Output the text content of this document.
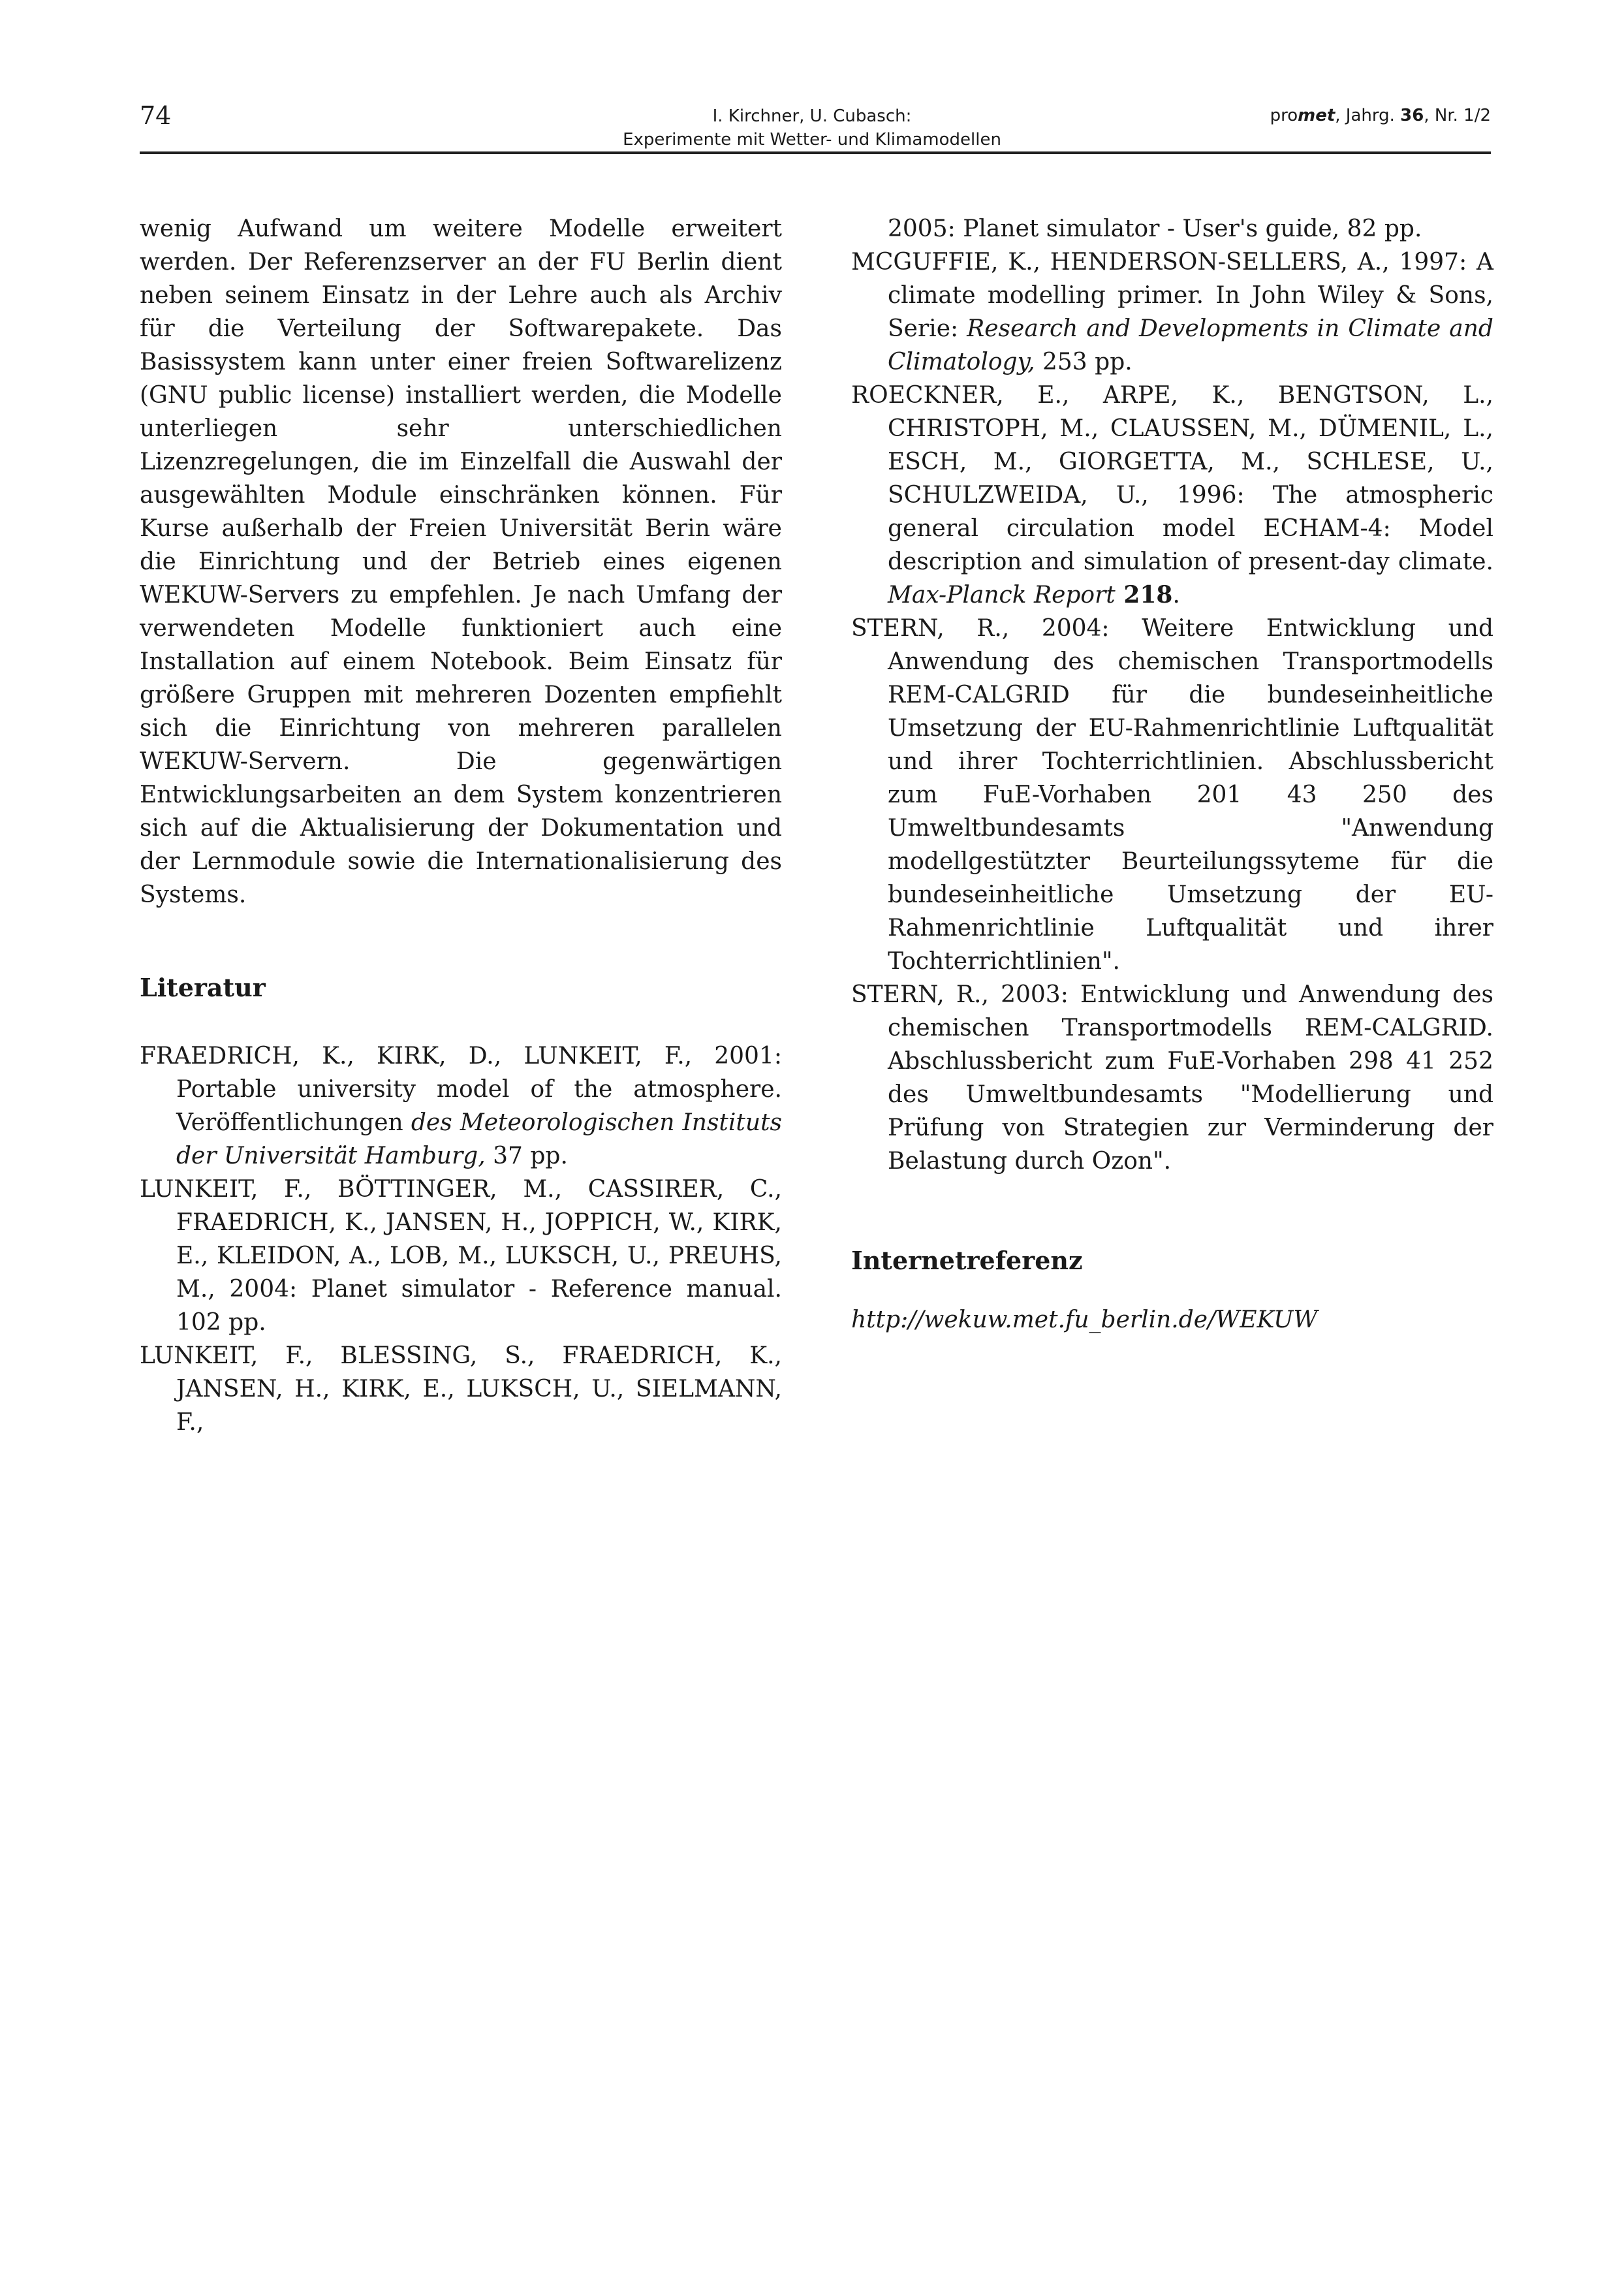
74	I. Kirchner, U. Cubasch:
Experimente mit Wetter- und Klimamodellen
promet, Jahrg. 36, Nr. 1/2

wenig Aufwand um weitere Modelle erweitert werden. Der Referenzserver an der FU Berlin dient neben seinem Einsatz in der Lehre auch als Archiv für die Verteilung der Softwarepakete. Das Basissystem kann unter einer freien Softwarelizenz (GNU public license) installiert werden, die Modelle unterliegen sehr unterschiedlichen Lizenzregelungen, die im Einzelfall die Auswahl der ausgewählten Module einschränken können. Für Kurse außerhalb der Freien Universität Berin wäre die Einrichtung und der Betrieb eines eigenen WEKUW-Servers zu empfehlen. Je nach Umfang der verwendeten Modelle funktioniert auch eine Installation auf einem Notebook. Beim Einsatz für größere Gruppen mit mehreren Dozenten empfiehlt sich die Einrichtung von mehreren parallelen WEKUW-Servern. Die gegenwärtigen Entwicklungsarbeiten an dem System konzentrieren sich auf die Aktualisierung der Dokumentation und der Lernmodule sowie die Internationalisierung des Systems.

Literatur

FRAEDRICH, K., KIRK, D., LUNKEIT, F., 2001: Portable university model of the atmosphere. Veröffentlichungen des Meteorologischen Instituts der Universität Hamburg, 37 pp.

LUNKEIT, F., BÖTTINGER, M., CASSIRER, C., FRAEDRICH, K., JANSEN, H., JOPPICH, W., KIRK, E., KLEIDON, A., LOB, M., LUKSCH, U., PREUHS, M., 2004: Planet simulator - Reference manual. 102 pp.

LUNKEIT, F., BLESSING, S., FRAEDRICH, K., JANSEN, H., KIRK, E., LUKSCH, U., SIELMANN, F.,

2005: Planet simulator - User's guide, 82 pp.

MCGUFFIE, K., HENDERSON-SELLERS, A., 1997: A climate modelling primer. In John Wiley & Sons, Serie: Research and Developments in Climate and Climatology, 253 pp.

ROECKNER, E., ARPE, K., BENGTSON, L., CHRISTOPH, M., CLAUSSEN, M., DÜMENIL, L., ESCH, M., GIORGETTA, M., SCHLESE, U., SCHULZWEIDA, U., 1996: The atmospheric general circulation model ECHAM-4: Model description and simulation of present-day climate. Max-Planck Report 218.

STERN, R., 2004: Weitere Entwicklung und Anwendung des chemischen Transportmodells REM-CALGRID für die bundeseinheitliche Umsetzung der EU-Rahmenrichtlinie Luftqualität und ihrer Tochterrichtlinien. Abschlussbericht zum FuE-Vorhaben 201 43 250 des Umweltbundesamts "Anwendung modellgestützter Beurteilungssyteme für die bundeseinheitliche Umsetzung der EU-Rahmenrichtlinie Luftqualität und ihrer Tochterrichtlinien".

STERN, R., 2003: Entwicklung und Anwendung des chemischen Transportmodells REM-CALGRID. Abschlussbericht zum FuE-Vorhaben 298 41 252 des Umweltbundesamts "Modellierung und Prüfung von Strategien zur Verminderung der Belastung durch Ozon".

Internetreferenz

http://wekuw.met.fu_berlin.de/WEKUW
